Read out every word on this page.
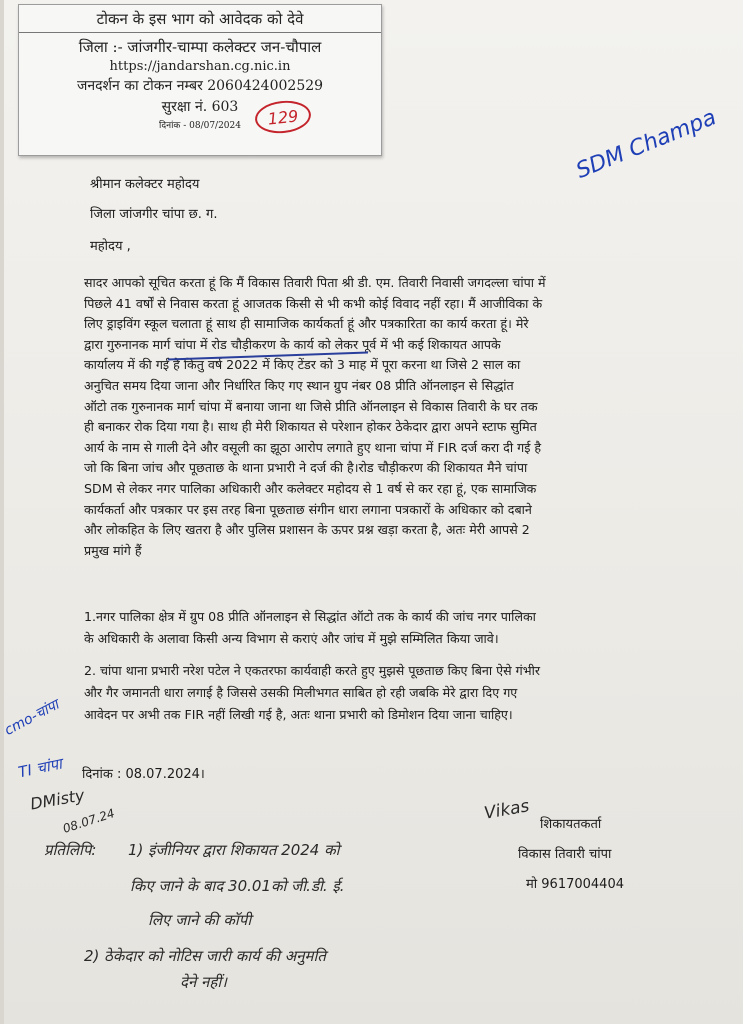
टोकन के इस भाग को आवेदक को देवे
जिला :- जांजगीर-चाम्पा कलेक्टर जन-चौपाल
https://jandarshan.cg.nic.in
जनदर्शन का टोकन नम्बर 2060424002529
सुरक्षा नं. 603
दिनांक - 08/07/2024	129	SDM Champa
श्रीमान कलेक्टर महोदय
जिला जांजगीर चांपा छ. ग.
महोदय ,

सादर आपको सूचित करता हूं कि मैं विकास तिवारी पिता श्री डी. एम. तिवारी निवासी जगदल्ला चांपा में

पिछले 41 वर्षों से निवास करता हूं आजतक किसी से भी कभी कोई विवाद नहीं रहा। मैं आजीविका के

लिए ड्राइविंग स्कूल चलाता हूं साथ ही सामाजिक कार्यकर्ता हूं और पत्रकारिता का कार्य करता हूं। मेरे

द्वारा गुरुनानक मार्ग चांपा में रोड चौड़ीकरण के कार्य को लेकर पूर्व में भी कई शिकायत आपके

कार्यालय में की गई है किंतु वर्ष 2022 में किए टेंडर को 3 माह में पूरा करना था जिसे 2 साल का

अनुचित समय दिया जाना और निर्धारित किए गए स्थान ग्रुप नंबर 08 प्रीति ऑनलाइन से सिद्धांत

ऑटो तक गुरुनानक मार्ग चांपा में बनाया जाना था जिसे प्रीति ऑनलाइन से विकास तिवारी के घर तक

ही बनाकर रोक दिया गया है। साथ ही मेरी शिकायत से परेशान होकर ठेकेदार द्वारा अपने स्टाफ सुमित

आर्य के नाम से गाली देने और वसूली का झूठा आरोप लगाते हुए थाना चांपा में FIR दर्ज करा दी गई है

जो कि बिना जांच और पूछताछ के थाना प्रभारी ने दर्ज की है।रोड चौड़ीकरण की शिकायत मैने चांपा

SDM से लेकर नगर पालिका अधिकारी और कलेक्टर महोदय से 1 वर्ष से कर रहा हूं, एक सामाजिक

कार्यकर्ता और पत्रकार पर इस तरह बिना पूछताछ संगीन धारा लगाना पत्रकारों के अधिकार को दबाने

और लोकहित के लिए खतरा है और पुलिस प्रशासन के ऊपर प्रश्न खड़ा करता है, अतः मेरी आपसे 2

प्रमुख मांगे हैं

1.नगर पालिका क्षेत्र में ग्रुप 08 प्रीति ऑनलाइन से सिद्धांत ऑटो तक के कार्य की जांच नगर पालिका
के अधिकारी के अलावा किसी अन्य विभाग से कराएं और जांच में मुझे सम्मिलित किया जावे।
2. चांपा थाना प्रभारी नरेश पटेल ने एकतरफा कार्यवाही करते हुए मुझसे पूछताछ किए बिना ऐसे गंभीर
और गैर जमानती धारा लगाई है जिससे उसकी मिलीभगत साबित हो रही जबकि मेरे द्वारा दिए गए
आवेदन पर अभी तक FIR नहीं लिखी गई है, अतः थाना प्रभारी को डिमोशन दिया जाना चाहिए।
cmo-चांपा
TI चांपा
DMisty
08.07.24
दिनांक : 08.07.2024।
Vikas
शिकायतकर्ता
विकास तिवारी चांपा
मो 9617004404
प्रतिलिपि: 1) इंजीनियर द्वारा शिकायत 2024 को
किए जाने के बाद 30.01को जी.डी. ई.
लिए जाने की कॉपी
2) ठेकेदार को नोटिस जारी कार्य की अनुमति
देने नहीं।
